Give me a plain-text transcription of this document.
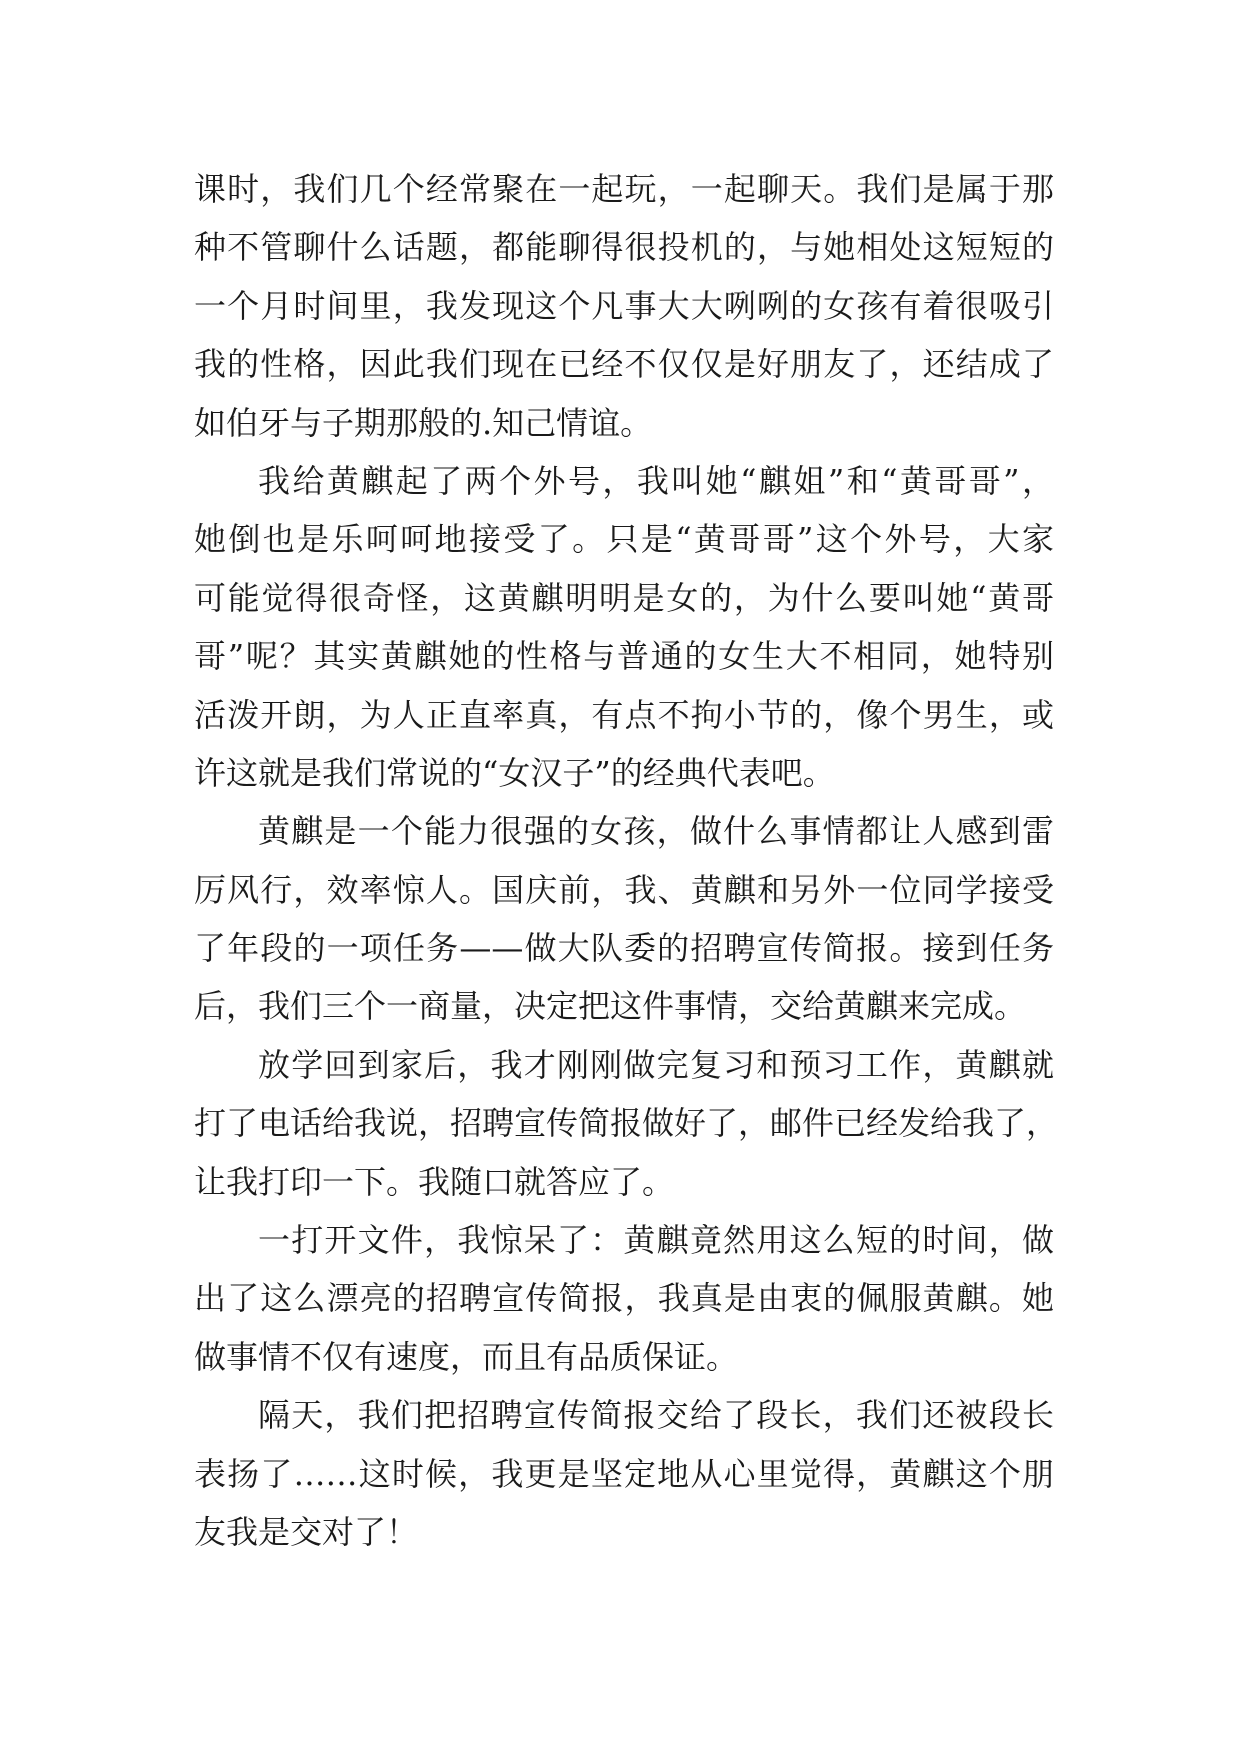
课时，我们几个经常聚在一起玩，一起聊天。我们是属于那
种不管聊什么话题，都能聊得很投机的，与她相处这短短的
一个月时间里，我发现这个凡事大大咧咧的女孩有着很吸引
我的性格，因此我们现在已经不仅仅是好朋友了，还结成了
如伯牙与子期那般的.知己情谊。
我给黄麒起了两个外号，我叫她“麒姐”和“黄哥哥”，
她倒也是乐呵呵地接受了。只是“黄哥哥”这个外号，大家
可能觉得很奇怪，这黄麒明明是女的，为什么要叫她“黄哥
哥”呢？其实黄麒她的性格与普通的女生大不相同，她特别
活泼开朗，为人正直率真，有点不拘小节的，像个男生，或
许这就是我们常说的“女汉子”的经典代表吧。
黄麒是一个能力很强的女孩，做什么事情都让人感到雷
厉风行，效率惊人。国庆前，我、黄麒和另外一位同学接受
了年段的一项任务——做大队委的招聘宣传简报。接到任务
后，我们三个一商量，决定把这件事情，交给黄麒来完成。
放学回到家后，我才刚刚做完复习和预习工作，黄麒就
打了电话给我说，招聘宣传简报做好了，邮件已经发给我了，
让我打印一下。我随口就答应了。
一打开文件，我惊呆了：黄麒竟然用这么短的时间，做
出了这么漂亮的招聘宣传简报，我真是由衷的佩服黄麒。她
做事情不仅有速度，而且有品质保证。
隔天，我们把招聘宣传简报交给了段长，我们还被段长
表扬了……这时候，我更是坚定地从心里觉得，黄麒这个朋
友我是交对了！
